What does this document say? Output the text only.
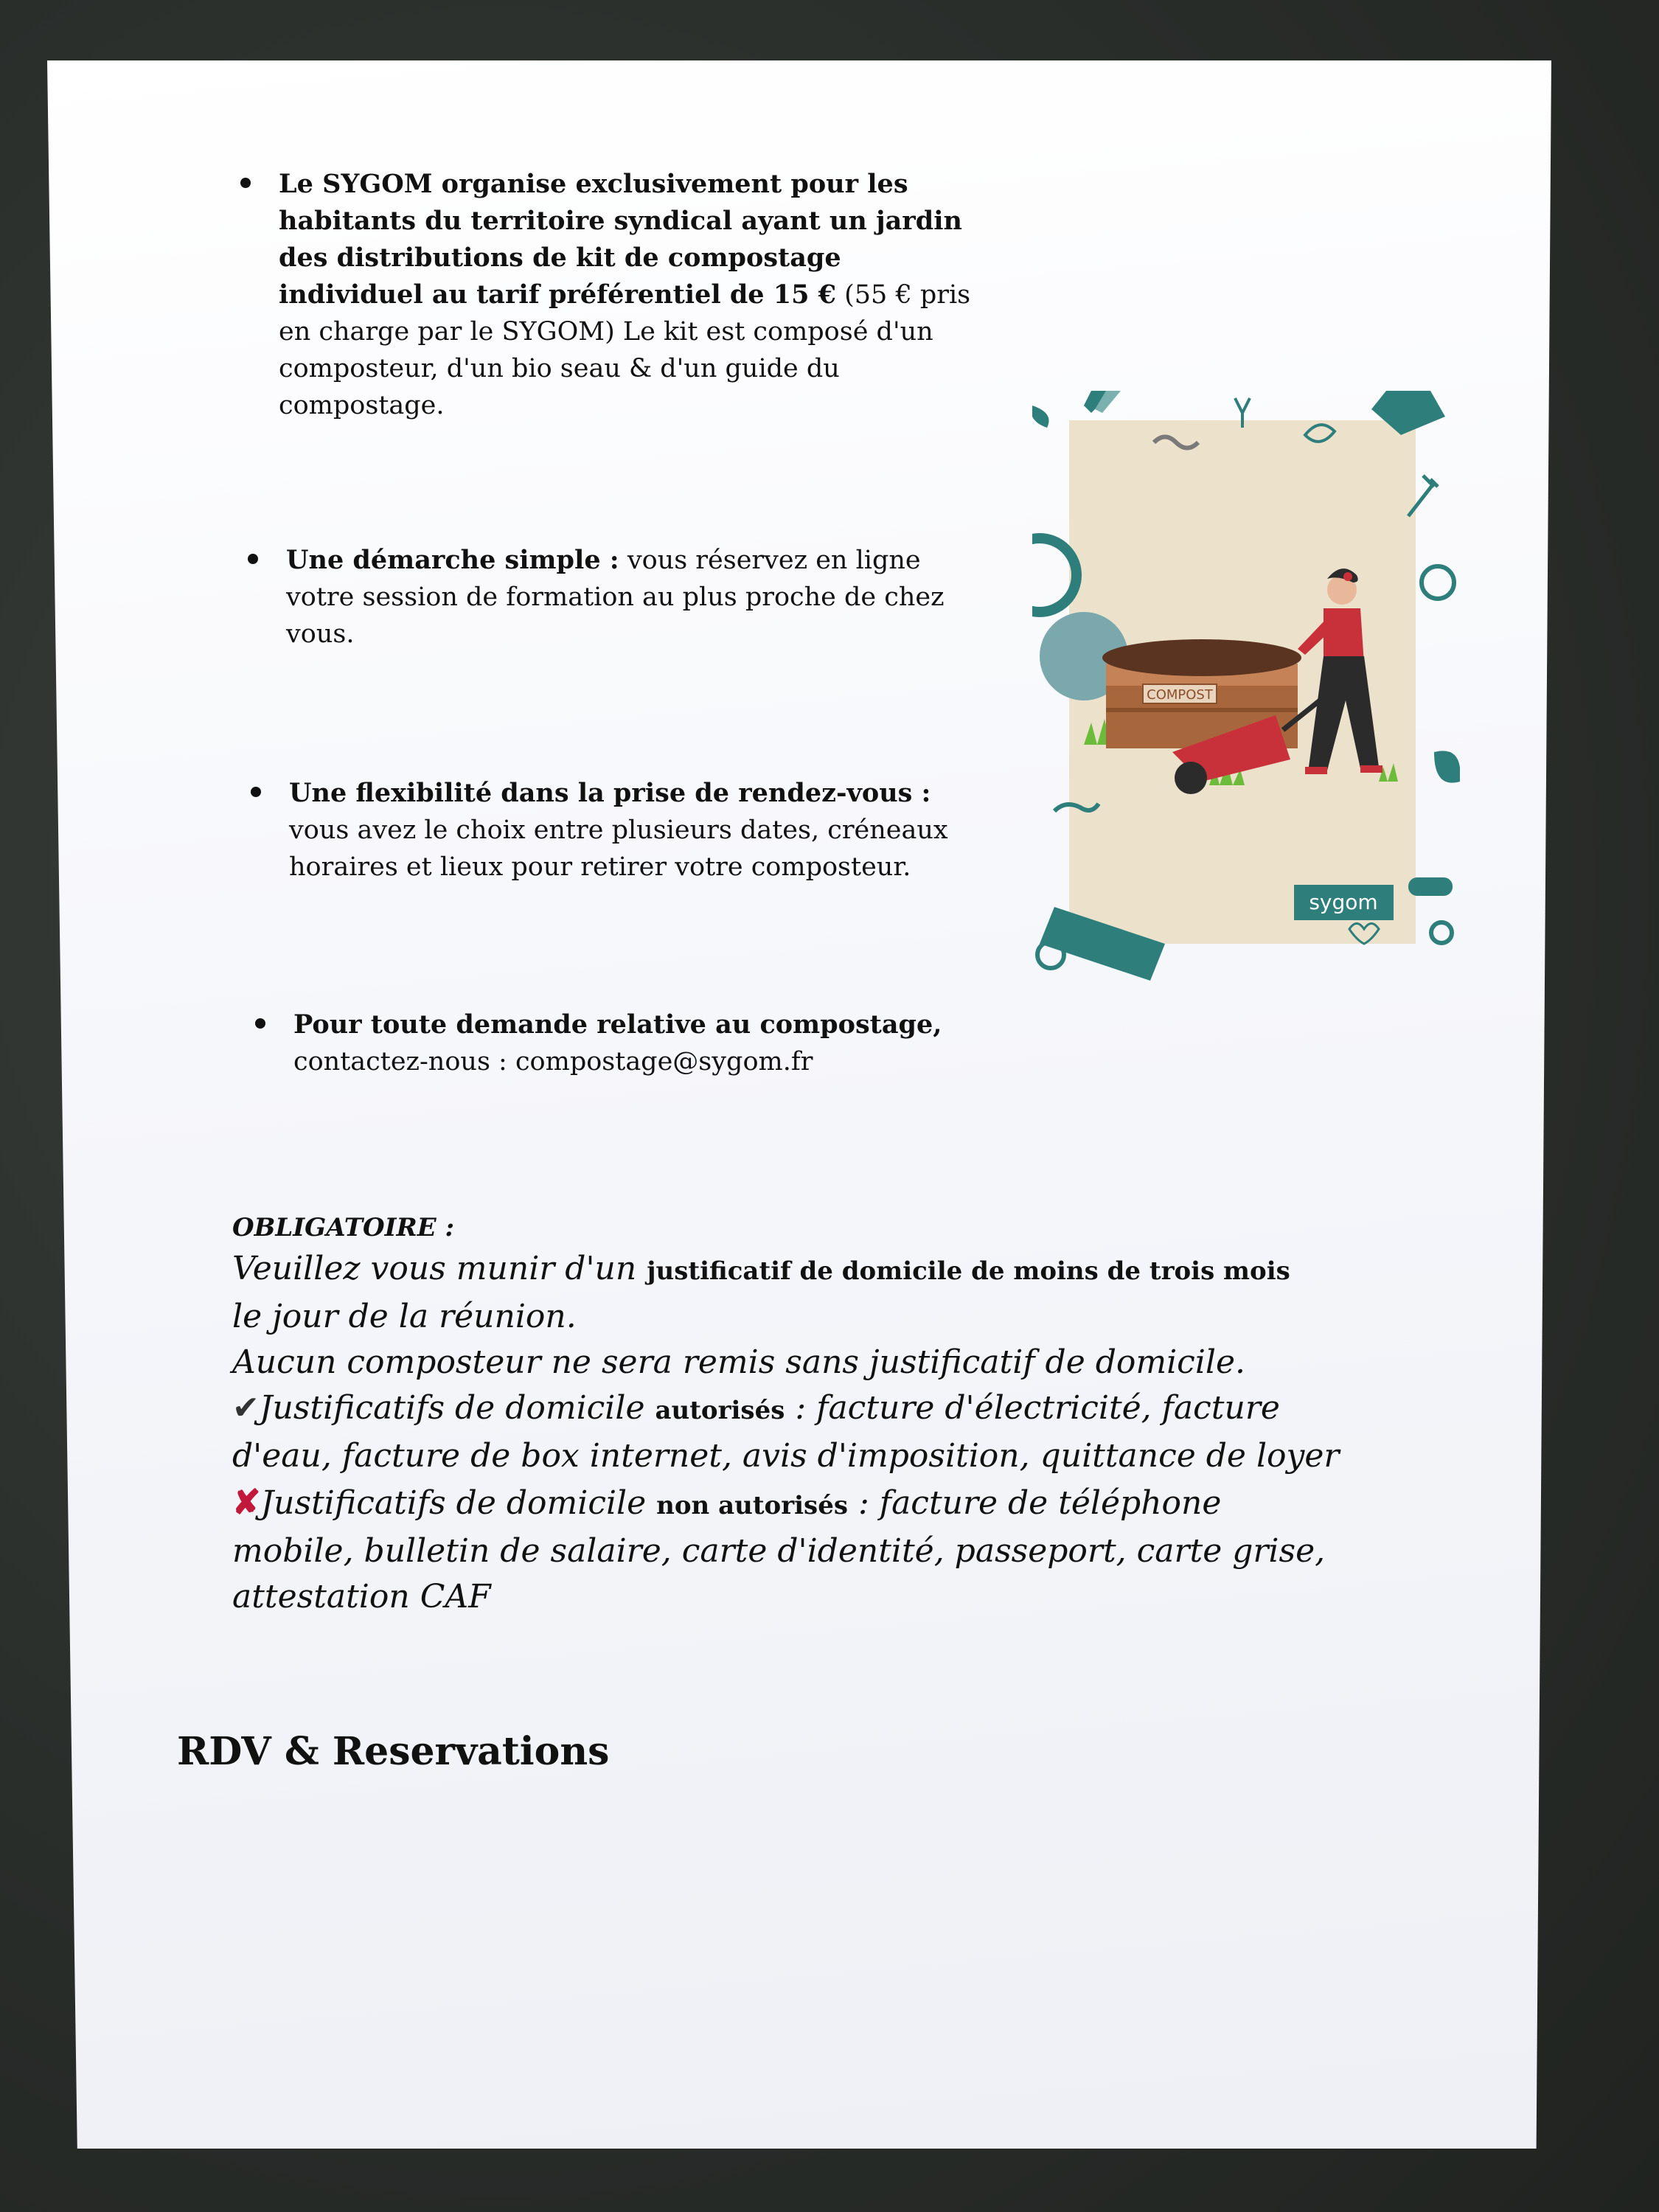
Le SYGOM organise exclusivement pour les habitants du territoire syndical ayant un jardin des distributions de kit de compostage individuel au tarif préférentiel de 15 € (55 € pris en charge par le SYGOM) Le kit est composé d'un composteur, d'un bio seau & d'un guide du compostage.

Une démarche simple : vous réservez en ligne votre session de formation au plus proche de chez vous.

Une flexibilité dans la prise de rendez-vous : vous avez le choix entre plusieurs dates, créneaux horaires et lieux pour retirer votre composteur.

Pour toute demande relative au compostage, contactez-nous : compostage@sygom.fr

COMPOST
sygom
OBLIGATOIRE :
Veuillez vous munir d'un justificatif de domicile de moins de trois mois
le jour de la réunion.
Aucun composteur ne sera remis sans justificatif de domicile.
✔Justificatifs de domicile autorisés : facture d'électricité, facture
d'eau, facture de box internet, avis d'imposition, quittance de loyer
✘Justificatifs de domicile non autorisés : facture de téléphone
mobile, bulletin de salaire, carte d'identité, passeport, carte grise,
attestation CAF
RDV & Reservations
